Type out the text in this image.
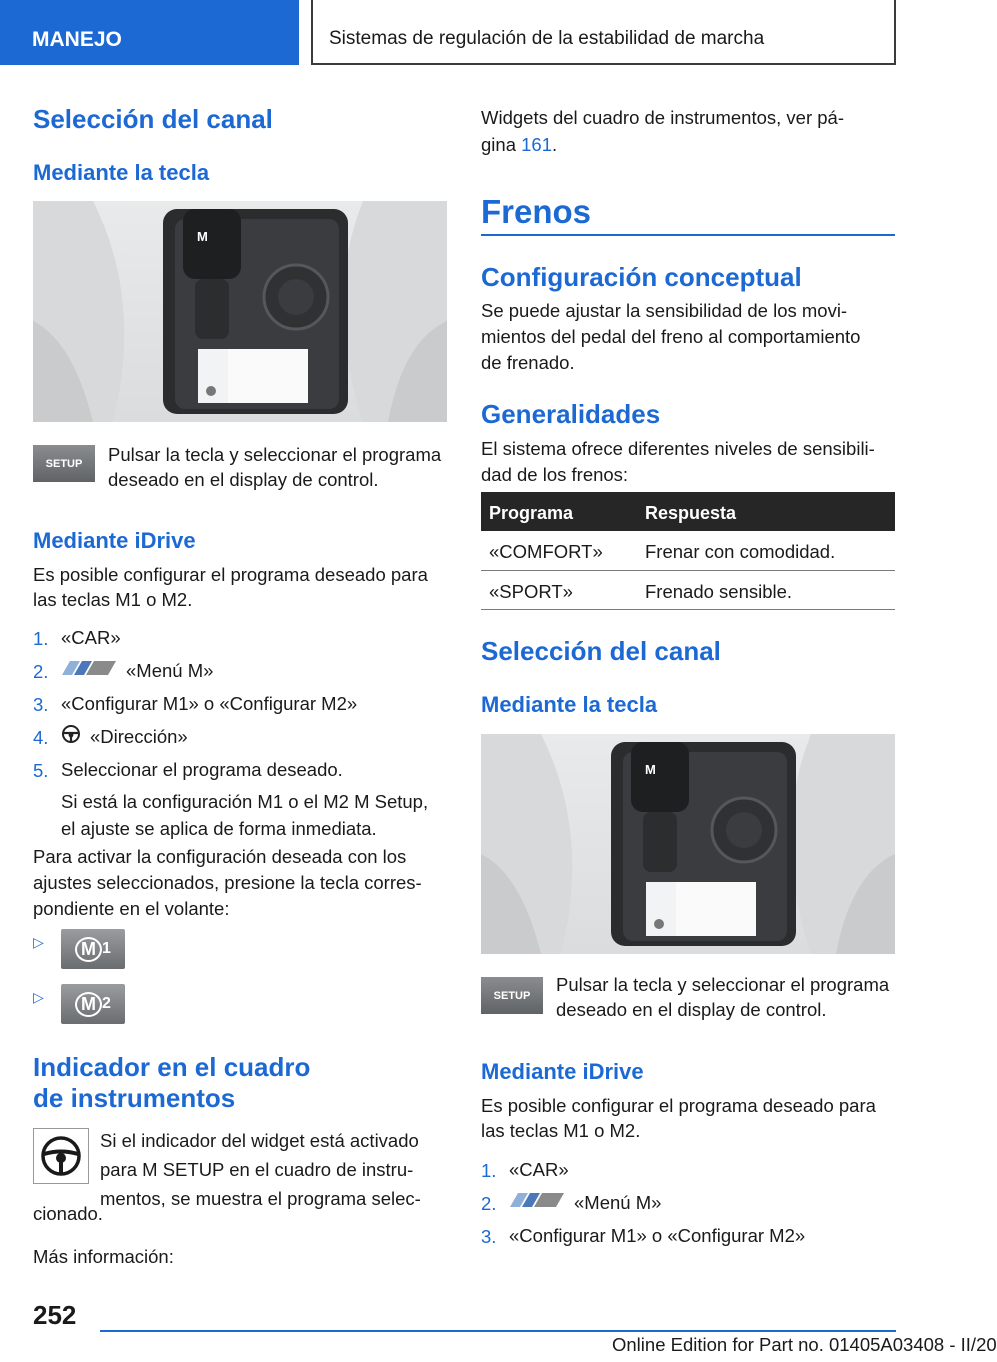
MANEJO	Sistemas de regulación de la estabilidad de marcha
Selección del canal
Mediante la tecla
M
SETUP Pulsar la tecla y seleccionar el programa
deseado en el display de control.
Mediante iDrive
Es posible configurar el programa deseado para
las teclas M1 o M2.
1. «CAR»
2.	«Menú M»
3. «Configurar M1» o «Configurar M2»
4. «Dirección»
5. Seleccionar el programa deseado.
Si está la configuración M1 o el M2 M Setup,
el ajuste se aplica de forma inmediata.
Para activar la configuración deseada con los
ajustes seleccionados, presione la tecla corres-
pondiente en el volante:
▷	M 1
▷	M 2
Indicador en el cuadro
de instrumentos
Si el indicador del widget está activado
para M SETUP en el cuadro de instru-
mentos, se muestra el programa selec-
cionado.
Más información:
Widgets del cuadro de instrumentos, ver pá-
gina 161.
Frenos
Configuración conceptual
Se puede ajustar la sensibilidad de los movi-
mientos del pedal del freno al comportamiento
de frenado.
Generalidades
El sistema ofrece diferentes niveles de sensibili-
dad de los frenos:
Programa	Respuesta
«COMFORT» Frenar con comodidad.
«SPORT»	Frenado sensible.
Selección del canal
Mediante la tecla
M
SETUP
Pulsar la tecla y seleccionar el programa
deseado en el display de control.
Mediante iDrive
Es posible configurar el programa deseado para
las teclas M1 o M2.
1. «CAR»
2.	«Menú M»
3. «Configurar M1» o «Configurar M2»
252
Online Edition for Part no. 01405A03408 - II/20
